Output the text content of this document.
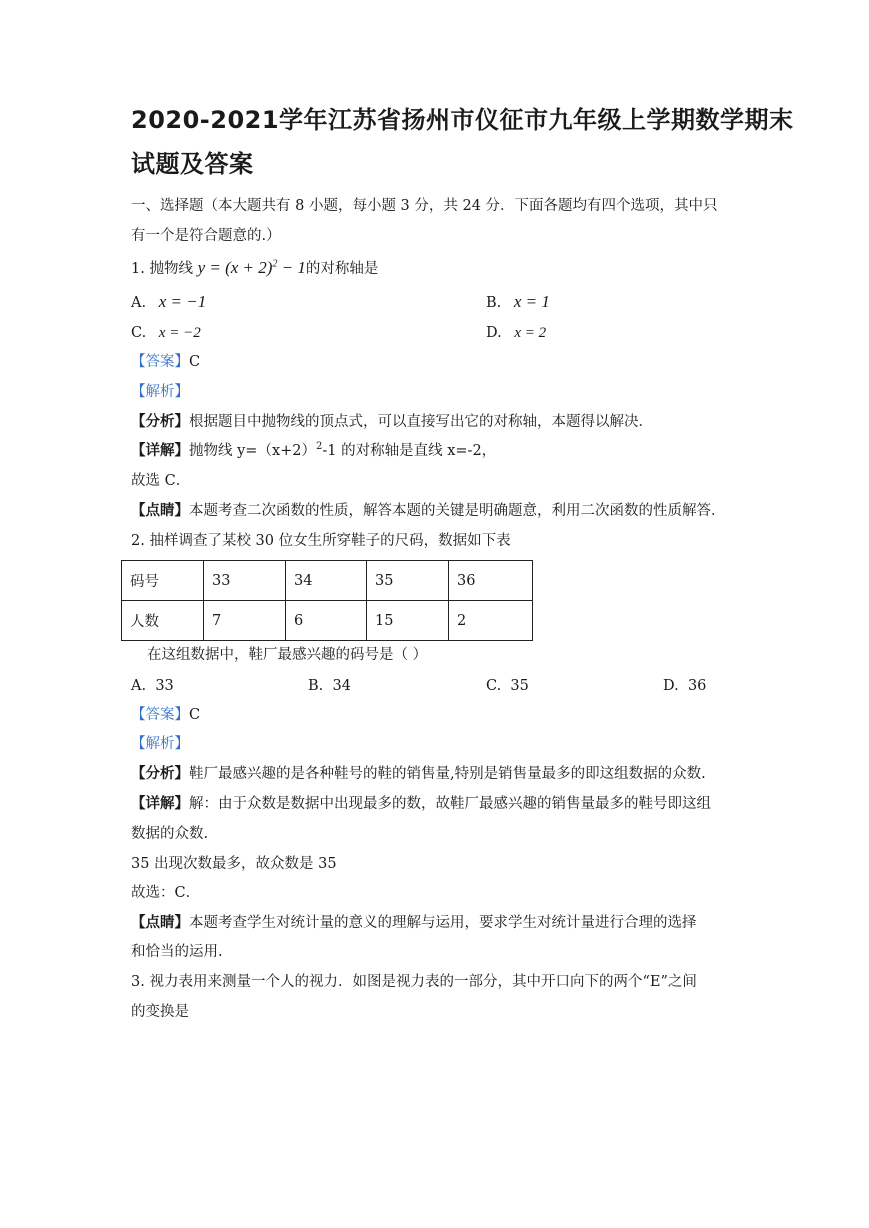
2020-2021学年江苏省扬州市仪征市九年级上学期数学期末
试题及答案
一、选择题（本大题共有 8 小题，每小题 3 分，共 24 分．下面各题均有四个选项，其中只
有一个是符合题意的.）
1. 抛物线 $y = (x + 2)^2 - 1$的对称轴是
A. x = −1	B. x = 1
C. x = −2	D. x = 2
【答案】C
【解析】
【分析】根据题目中抛物线的顶点式，可以直接写出它的对称轴，本题得以解决．
【详解】抛物线 $y=(x+2)^2-1$ 的对称轴是直线 x=-2，
故选 C．
【点睛】本题考查二次函数的性质，解答本题的关键是明确题意，利用二次函数的性质解答．
2. 抽样调查了某校 30 位女生所穿鞋子的尺码，数据如下表
码号	33	34	35	36
人数	7	6	15	2
在这组数据中，鞋厂最感兴趣的码号是（ ）
A. 33	B. 34	C. 35	D. 36
【答案】C
【解析】
【分析】鞋厂最感兴趣的是各种鞋号的鞋的销售量,特别是销售量最多的即这组数据的众数.
【详解】解：由于众数是数据中出现最多的数，故鞋厂最感兴趣的销售量最多的鞋号即这组
数据的众数.
35 出现次数最多，故众数是 35
故选：C．
【点睛】本题考查学生对统计量的意义的理解与运用，要求学生对统计量进行合理的选择
和恰当的运用.
3. 视力表用来测量一个人的视力．如图是视力表的一部分，其中开口向下的两个“E”之间
的变换是
